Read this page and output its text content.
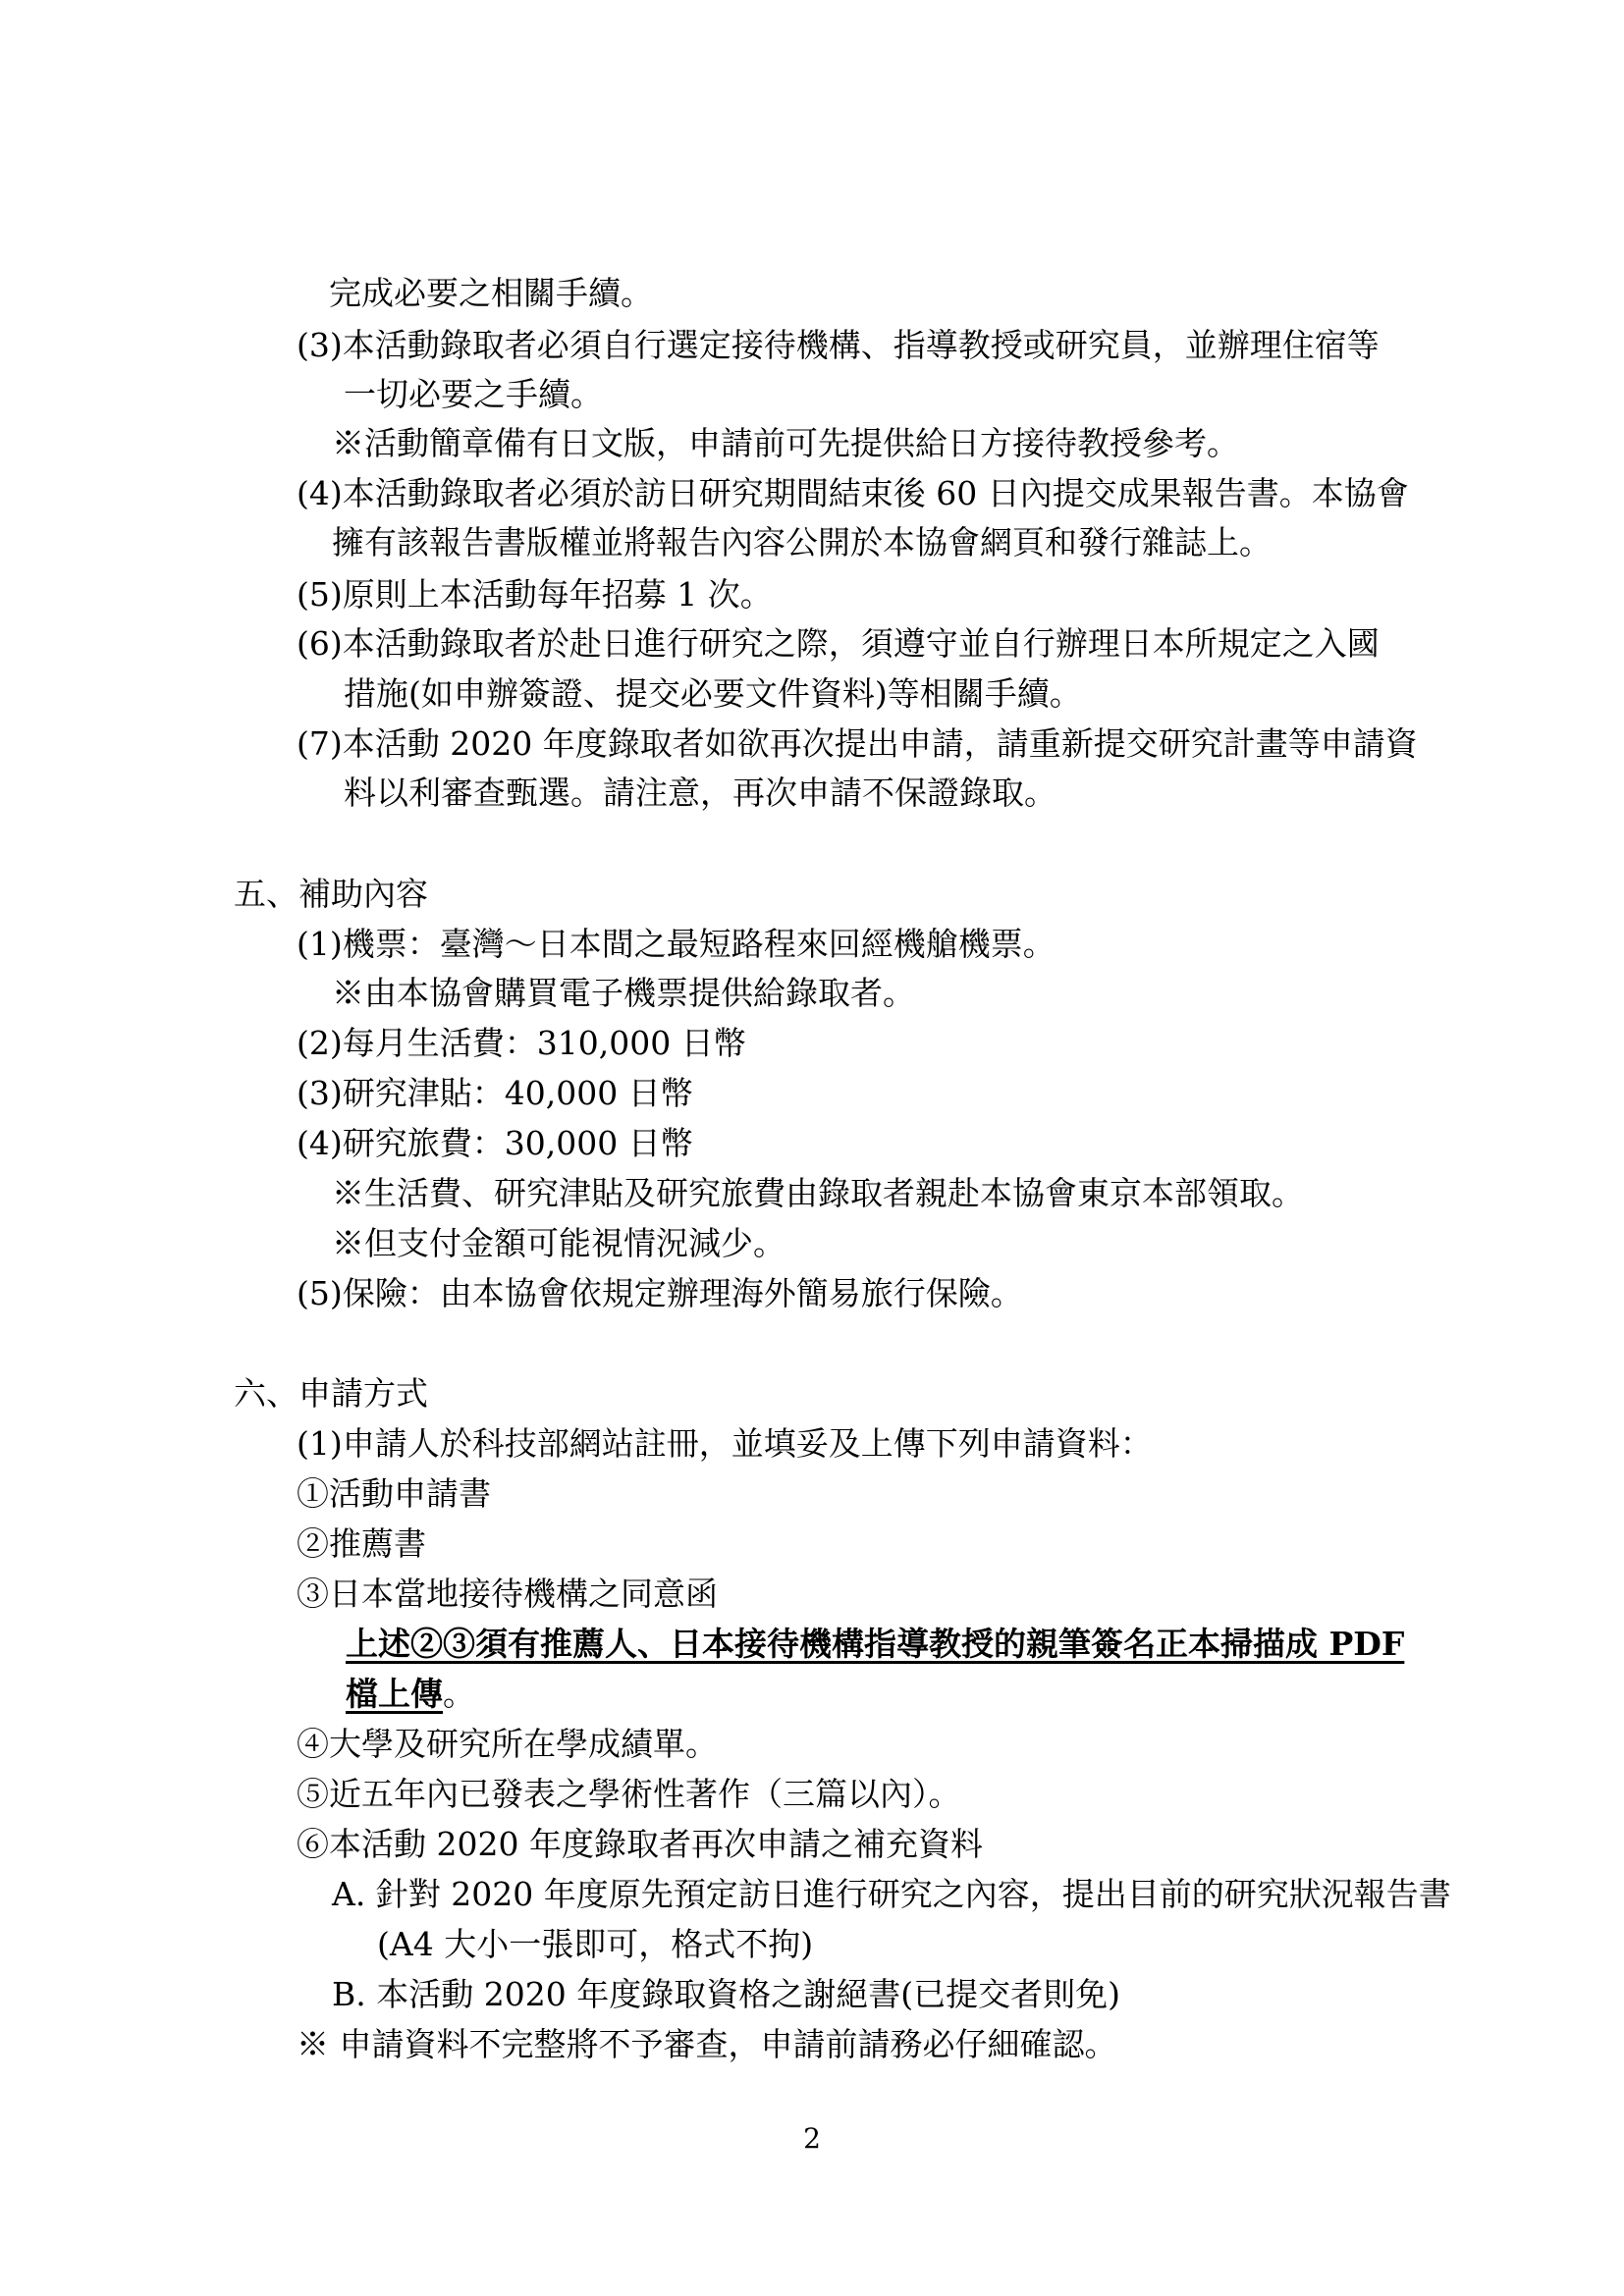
完成必要之相關手續。
(3)本活動錄取者必須自行選定接待機構、指導教授或研究員，並辦理住宿等
一切必要之手續。
※活動簡章備有日文版，申請前可先提供給日方接待教授參考。
(4)本活動錄取者必須於訪日研究期間結束後 60 日內提交成果報告書。本協會
擁有該報告書版權並將報告內容公開於本協會網頁和發行雜誌上。
(5)原則上本活動每年招募 1 次。
(6)本活動錄取者於赴日進行研究之際，須遵守並自行辦理日本所規定之入國
措施(如申辦簽證、提交必要文件資料)等相關手續。
(7)本活動 2020 年度錄取者如欲再次提出申請，請重新提交研究計畫等申請資
料以利審查甄選。請注意，再次申請不保證錄取。
五、補助內容
(1)機票：臺灣～日本間之最短路程來回經機艙機票。
※由本協會購買電子機票提供給錄取者。
(2)每月生活費：310,000 日幣
(3)研究津貼：40,000 日幣
(4)研究旅費：30,000 日幣
※生活費、研究津貼及研究旅費由錄取者親赴本協會東京本部領取。
※但支付金額可能視情況減少。
(5)保險：由本協會依規定辦理海外簡易旅行保險。
六、申請方式
(1)申請人於科技部網站註冊，並填妥及上傳下列申請資料：
①活動申請書
②推薦書
③日本當地接待機構之同意函
上述②③須有推薦人、日本接待機構指導教授的親筆簽名正本掃描成 PDF
檔上傳。
④大學及研究所在學成績單。
⑤近五年內已發表之學術性著作（三篇以內）。
⑥本活動 2020 年度錄取者再次申請之補充資料
A. 針對 2020 年度原先預定訪日進行研究之內容，提出目前的研究狀況報告書
(A4 大小一張即可，格式不拘)
B. 本活動 2020 年度錄取資格之謝絕書(已提交者則免)
※ 申請資料不完整將不予審查，申請前請務必仔細確認。
2
